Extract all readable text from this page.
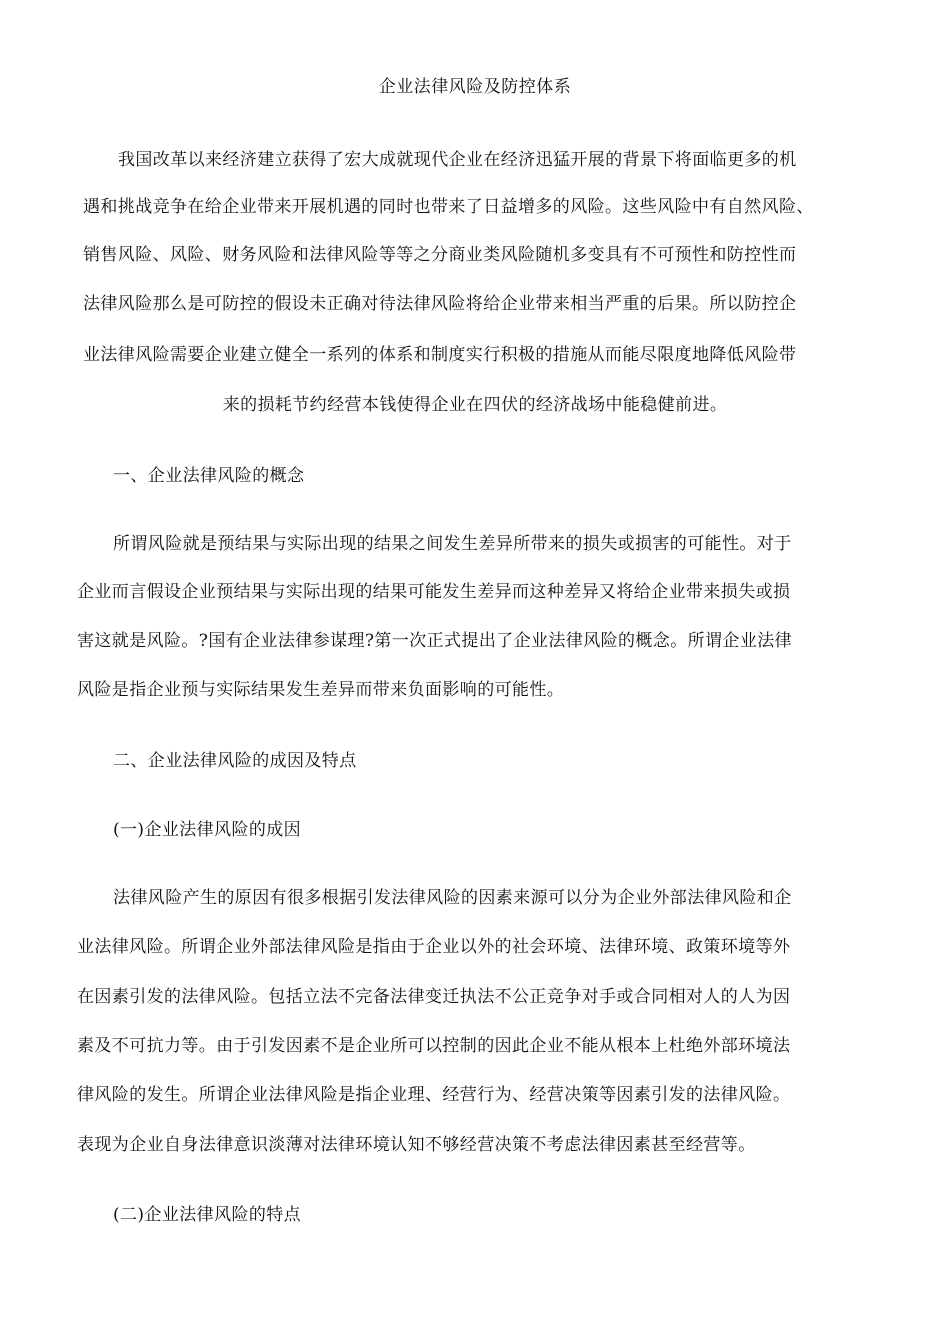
企业法律风险及防控体系
我国改革以来经济建立获得了宏大成就现代企业在经济迅猛开展的背景下将面临更多的机
遇和挑战竞争在给企业带来开展机遇的同时也带来了日益增多的风险。这些风险中有自然风险、
销售风险、风险、财务风险和法律风险等等之分商业类风险随机多变具有不可预性和防控性而
法律风险那么是可防控的假设未正确对待法律风险将给企业带来相当严重的后果。所以防控企
业法律风险需要企业建立健全一系列的体系和制度实行积极的措施从而能尽限度地降低风险带
来的损耗节约经营本钱使得企业在四伏的经济战场中能稳健前进。
一、企业法律风险的概念
所谓风险就是预结果与实际出现的结果之间发生差异所带来的损失或损害的可能性。对于
企业而言假设企业预结果与实际出现的结果可能发生差异而这种差异又将给企业带来损失或损
害这就是风险。?国有企业法律参谋理?第一次正式提出了企业法律风险的概念。所谓企业法律
风险是指企业预与实际结果发生差异而带来负面影响的可能性。
二、企业法律风险的成因及特点
(一)企业法律风险的成因
法律风险产生的原因有很多根据引发法律风险的因素来源可以分为企业外部法律风险和企
业法律风险。所谓企业外部法律风险是指由于企业以外的社会环境、法律环境、政策环境等外
在因素引发的法律风险。包括立法不完备法律变迁执法不公正竞争对手或合同相对人的人为因
素及不可抗力等。由于引发因素不是企业所可以控制的因此企业不能从根本上杜绝外部环境法
律风险的发生。所谓企业法律风险是指企业理、经营行为、经营决策等因素引发的法律风险。
表现为企业自身法律意识淡薄对法律环境认知不够经营决策不考虑法律因素甚至经营等。
(二)企业法律风险的特点
